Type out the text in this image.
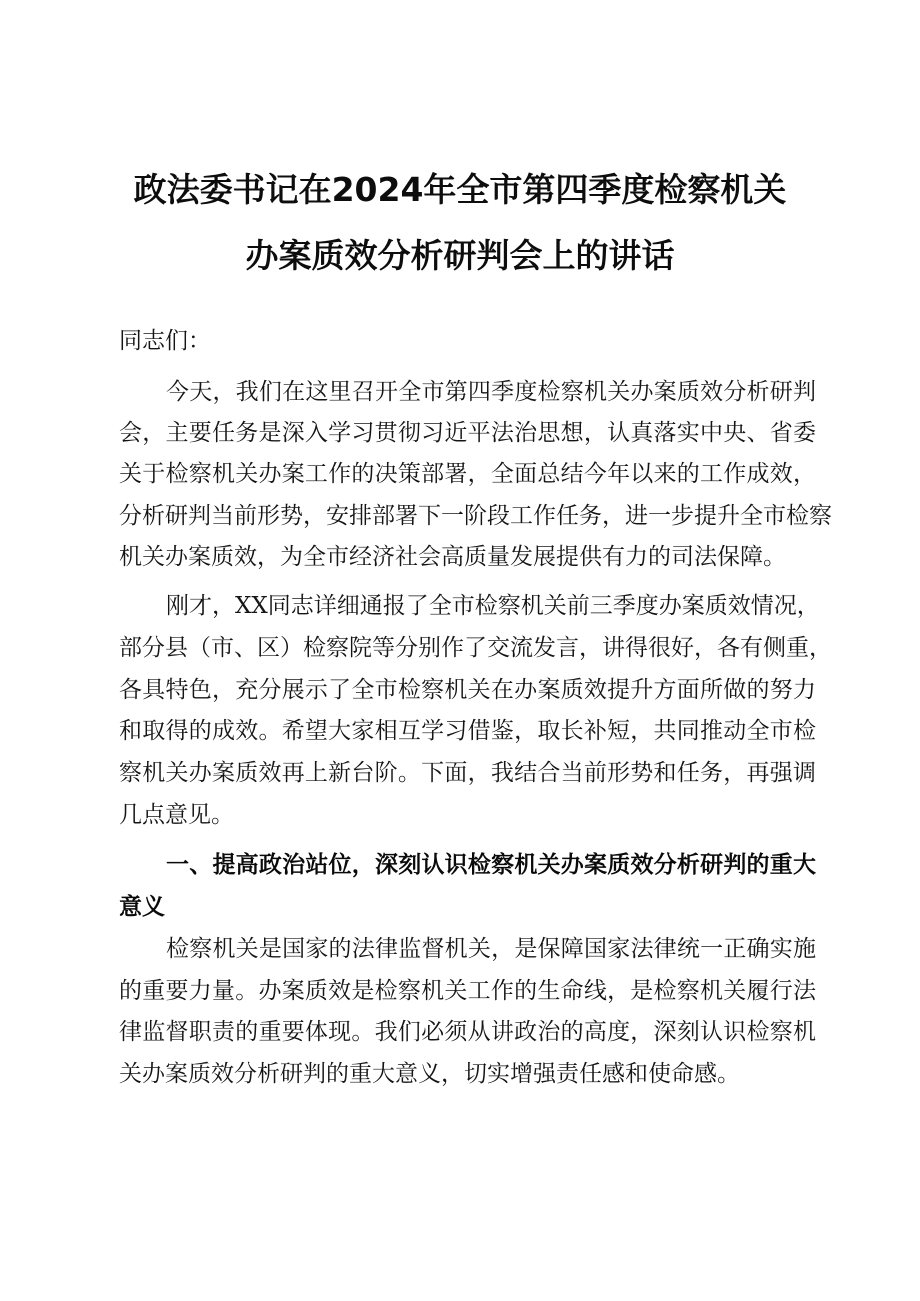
政法委书记在2024年全市第四季度检察机关
办案质效分析研判会上的讲话
同志们：
今天，我们在这里召开全市第四季度检察机关办案质效分析研判
会，主要任务是深入学习贯彻习近平法治思想，认真落实中央、省委
关于检察机关办案工作的决策部署，全面总结今年以来的工作成效，
分析研判当前形势，安排部署下一阶段工作任务，进一步提升全市检察
机关办案质效，为全市经济社会高质量发展提供有力的司法保障。
刚才，XX同志详细通报了全市检察机关前三季度办案质效情况，
部分县（市、区）检察院等分别作了交流发言，讲得很好，各有侧重，
各具特色，充分展示了全市检察机关在办案质效提升方面所做的努力
和取得的成效。希望大家相互学习借鉴，取长补短，共同推动全市检
察机关办案质效再上新台阶。下面，我结合当前形势和任务，再强调
几点意见。
一、提高政治站位，深刻认识检察机关办案质效分析研判的重大
意义
检察机关是国家的法律监督机关，是保障国家法律统一正确实施
的重要力量。办案质效是检察机关工作的生命线，是检察机关履行法
律监督职责的重要体现。我们必须从讲政治的高度，深刻认识检察机
关办案质效分析研判的重大意义，切实增强责任感和使命感。
